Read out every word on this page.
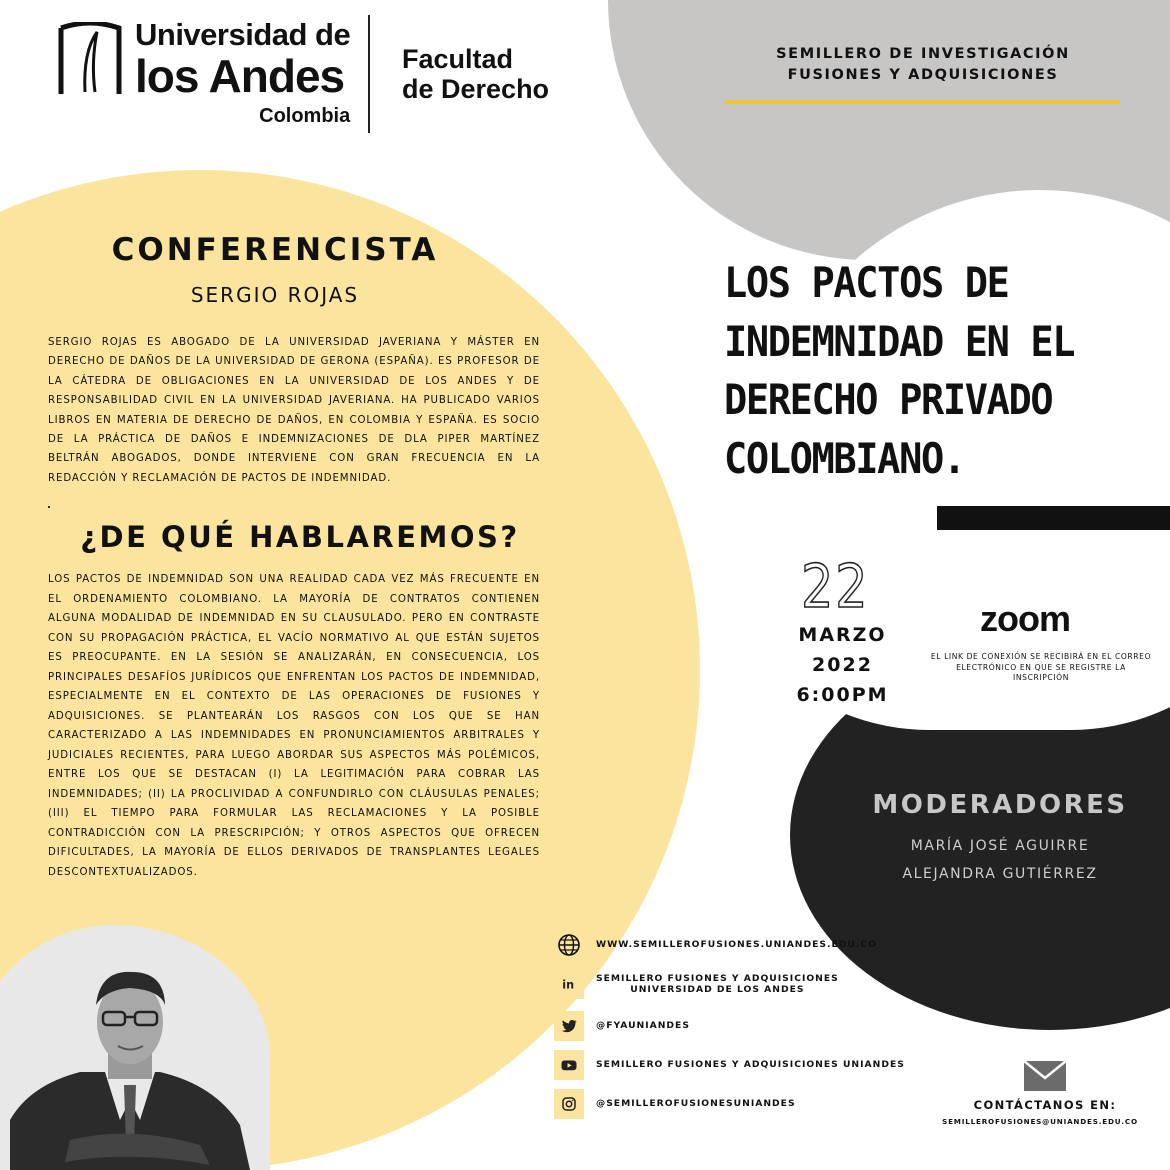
Universidad de
los Andes
Colombia
Facultad
de Derecho
SEMILLERO DE INVESTIGACIÓN
FUSIONES Y ADQUISICIONES
CONFERENCISTA
SERGIO ROJAS
SERGIO ROJAS ES ABOGADO DE LA UNIVERSIDAD JAVERIANA Y MÁSTER EN DERECHO DE DAÑOS DE LA UNIVERSIDAD DE GERONA (ESPAÑA). ES PROFESOR DE LA CÁTEDRA DE OBLIGACIONES EN LA UNIVERSIDAD DE LOS ANDES Y DE RESPONSABILIDAD CIVIL EN LA UNIVERSIDAD JAVERIANA. HA PUBLICADO VARIOS LIBROS EN MATERIA DE DERECHO DE DAÑOS, EN COLOMBIA Y ESPAÑA. ES SOCIO DE LA PRÁCTICA DE DAÑOS E INDEMNIZACIONES DE DLA PIPER MARTÍNEZ BELTRÁN ABOGADOS, DONDE INTERVIENE CON GRAN FRECUENCIA EN LA REDACCIÓN Y RECLAMACIÓN DE PACTOS DE INDEMNIDAD.
¿DE QUÉ HABLAREMOS?
LOS PACTOS DE INDEMNIDAD SON UNA REALIDAD CADA VEZ MÁS FRECUENTE EN EL ORDENAMIENTO COLOMBIANO. LA MAYORÍA DE CONTRATOS CONTIENEN ALGUNA MODALIDAD DE INDEMNIDAD EN SU CLAUSULADO. PERO EN CONTRASTE CON SU PROPAGACIÓN PRÁCTICA, EL VACÍO NORMATIVO AL QUE ESTÁN SUJETOS ES PREOCUPANTE. EN LA SESIÓN SE ANALIZARÁN, EN CONSECUENCIA, LOS PRINCIPALES DESAFÍOS JURÍDICOS QUE ENFRENTAN LOS PACTOS DE INDEMNIDAD, ESPECIALMENTE EN EL CONTEXTO DE LAS OPERACIONES DE FUSIONES Y ADQUISICIONES. SE PLANTEARÁN LOS RASGOS CON LOS QUE SE HAN CARACTERIZADO A LAS INDEMNIDADES EN PRONUNCIAMIENTOS ARBITRALES Y JUDICIALES RECIENTES, PARA LUEGO ABORDAR SUS ASPECTOS MÁS POLÉMICOS, ENTRE LOS QUE SE DESTACAN (I) LA LEGITIMACIÓN PARA COBRAR LAS INDEMNIDADES; (II) LA PROCLIVIDAD A CONFUNDIRLO CON CLÁUSULAS PENALES; (III) EL TIEMPO PARA FORMULAR LAS RECLAMACIONES Y LA POSIBLE CONTRADICCIÓN CON LA PRESCRIPCIÓN; Y OTROS ASPECTOS QUE OFRECEN DIFICULTADES, LA MAYORÍA DE ELLOS DERIVADOS DE TRANSPLANTES LEGALES DESCONTEXTUALIZADOS.
LOS PACTOS DE INDEMNIDAD EN EL DERECHO PRIVADO COLOMBIANO.
22
MARZO
2022
6:00PM
zoom
EL LINK DE CONEXIÓN SE RECIBIRÁ EN EL CORREO ELECTRÓNICO EN QUE SE REGISTRE LA INSCRIPCIÓN
MODERADORES
MARÍA JOSÉ AGUIRRE
ALEJANDRA GUTIÉRREZ
WWW.SEMILLEROFUSIONES.UNIANDES.EDU.CO
in
SEMILLERO FUSIONES Y ADQUISICIONES
UNIVERSIDAD DE LOS ANDES
@FYAUNIANDES
SEMILLERO FUSIONES Y ADQUISICIONES UNIANDES
@SEMILLEROFUSIONESUNIANDES	CONTÁCTANOS EN:
SEMILLEROFUSIONES@UNIANDES.EDU.CO
